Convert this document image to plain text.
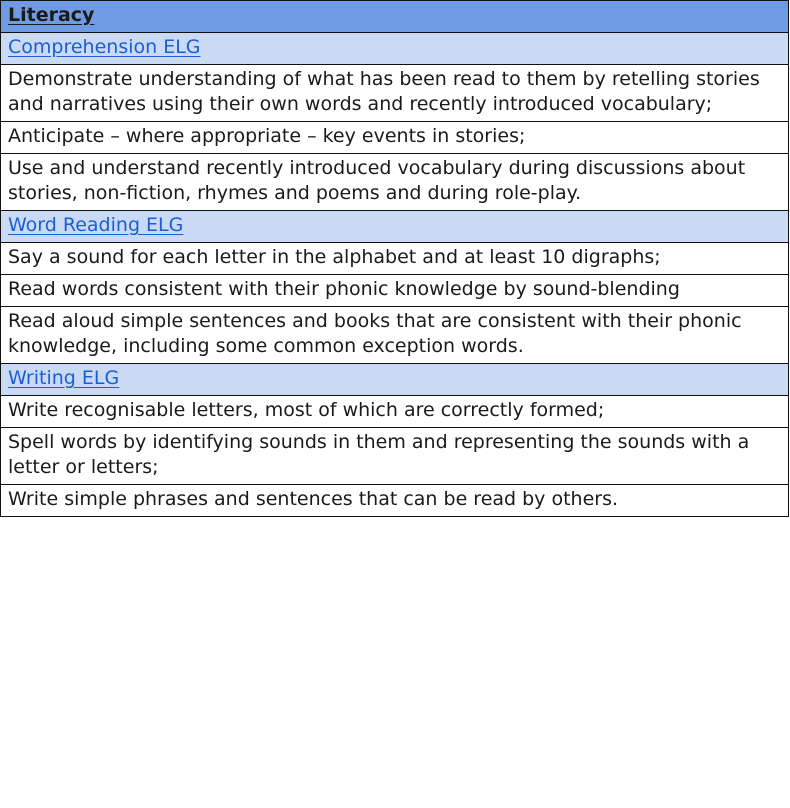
Literacy
Comprehension ELG
Demonstrate understanding of what has been read to them by retelling stories and narratives using their own words and recently introduced vocabulary;
Anticipate – where appropriate – key events in stories;
Use and understand recently introduced vocabulary during discussions about stories, non-fiction, rhymes and poems and during role-play.
Word Reading ELG
Say a sound for each letter in the alphabet and at least 10 digraphs;
Read words consistent with their phonic knowledge by sound-blending
Read aloud simple sentences and books that are consistent with their phonic knowledge, including some common exception words.
Writing ELG
Write recognisable letters, most of which are correctly formed;
Spell words by identifying sounds in them and representing the sounds with a letter or letters;
Write simple phrases and sentences that can be read by others.
